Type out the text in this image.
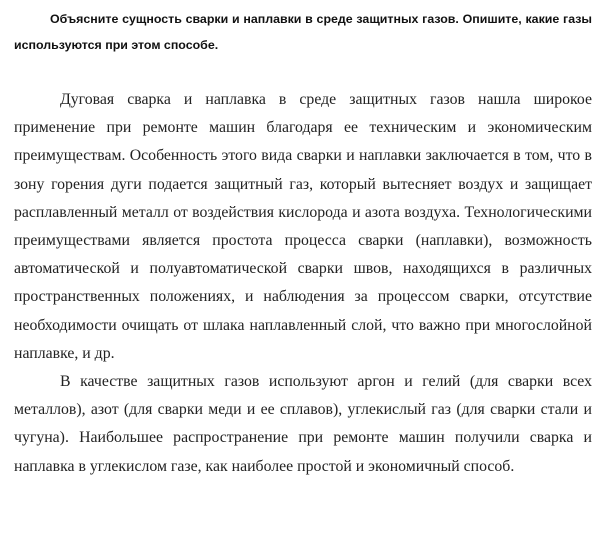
Объясните сущность сварки и наплавки в среде защитных газов. Опишите, какие газы используются при этом способе.

Дуговая сварка и наплавка в среде защитных газов нашла широкое применение при ремонте машин благодаря ее техническим и экономическим преимуществам. Особенность этого вида сварки и наплавки заключается в том, что в зону горения дуги подается защитный газ, который вытесняет воздух и защищает расплавленный металл от воздействия кислорода и азота воздуха. Технологическими преимуществами является простота процесса сварки (наплавки), возможность автоматической и полуавтоматической сварки швов, находящихся в различных пространственных положениях, и наблюдения за процессом сварки, отсутствие необходимости очищать от шлака наплавленный слой, что важно при многослойной наплавке, и др.

В качестве защитных газов используют аргон и гелий (для сварки всех металлов), азот (для сварки меди и ее сплавов), углекислый газ (для сварки стали и чугуна). Наибольшее распространение при ремонте машин получили сварка и наплавка в углекислом газе, как наиболее простой и экономичный способ.
